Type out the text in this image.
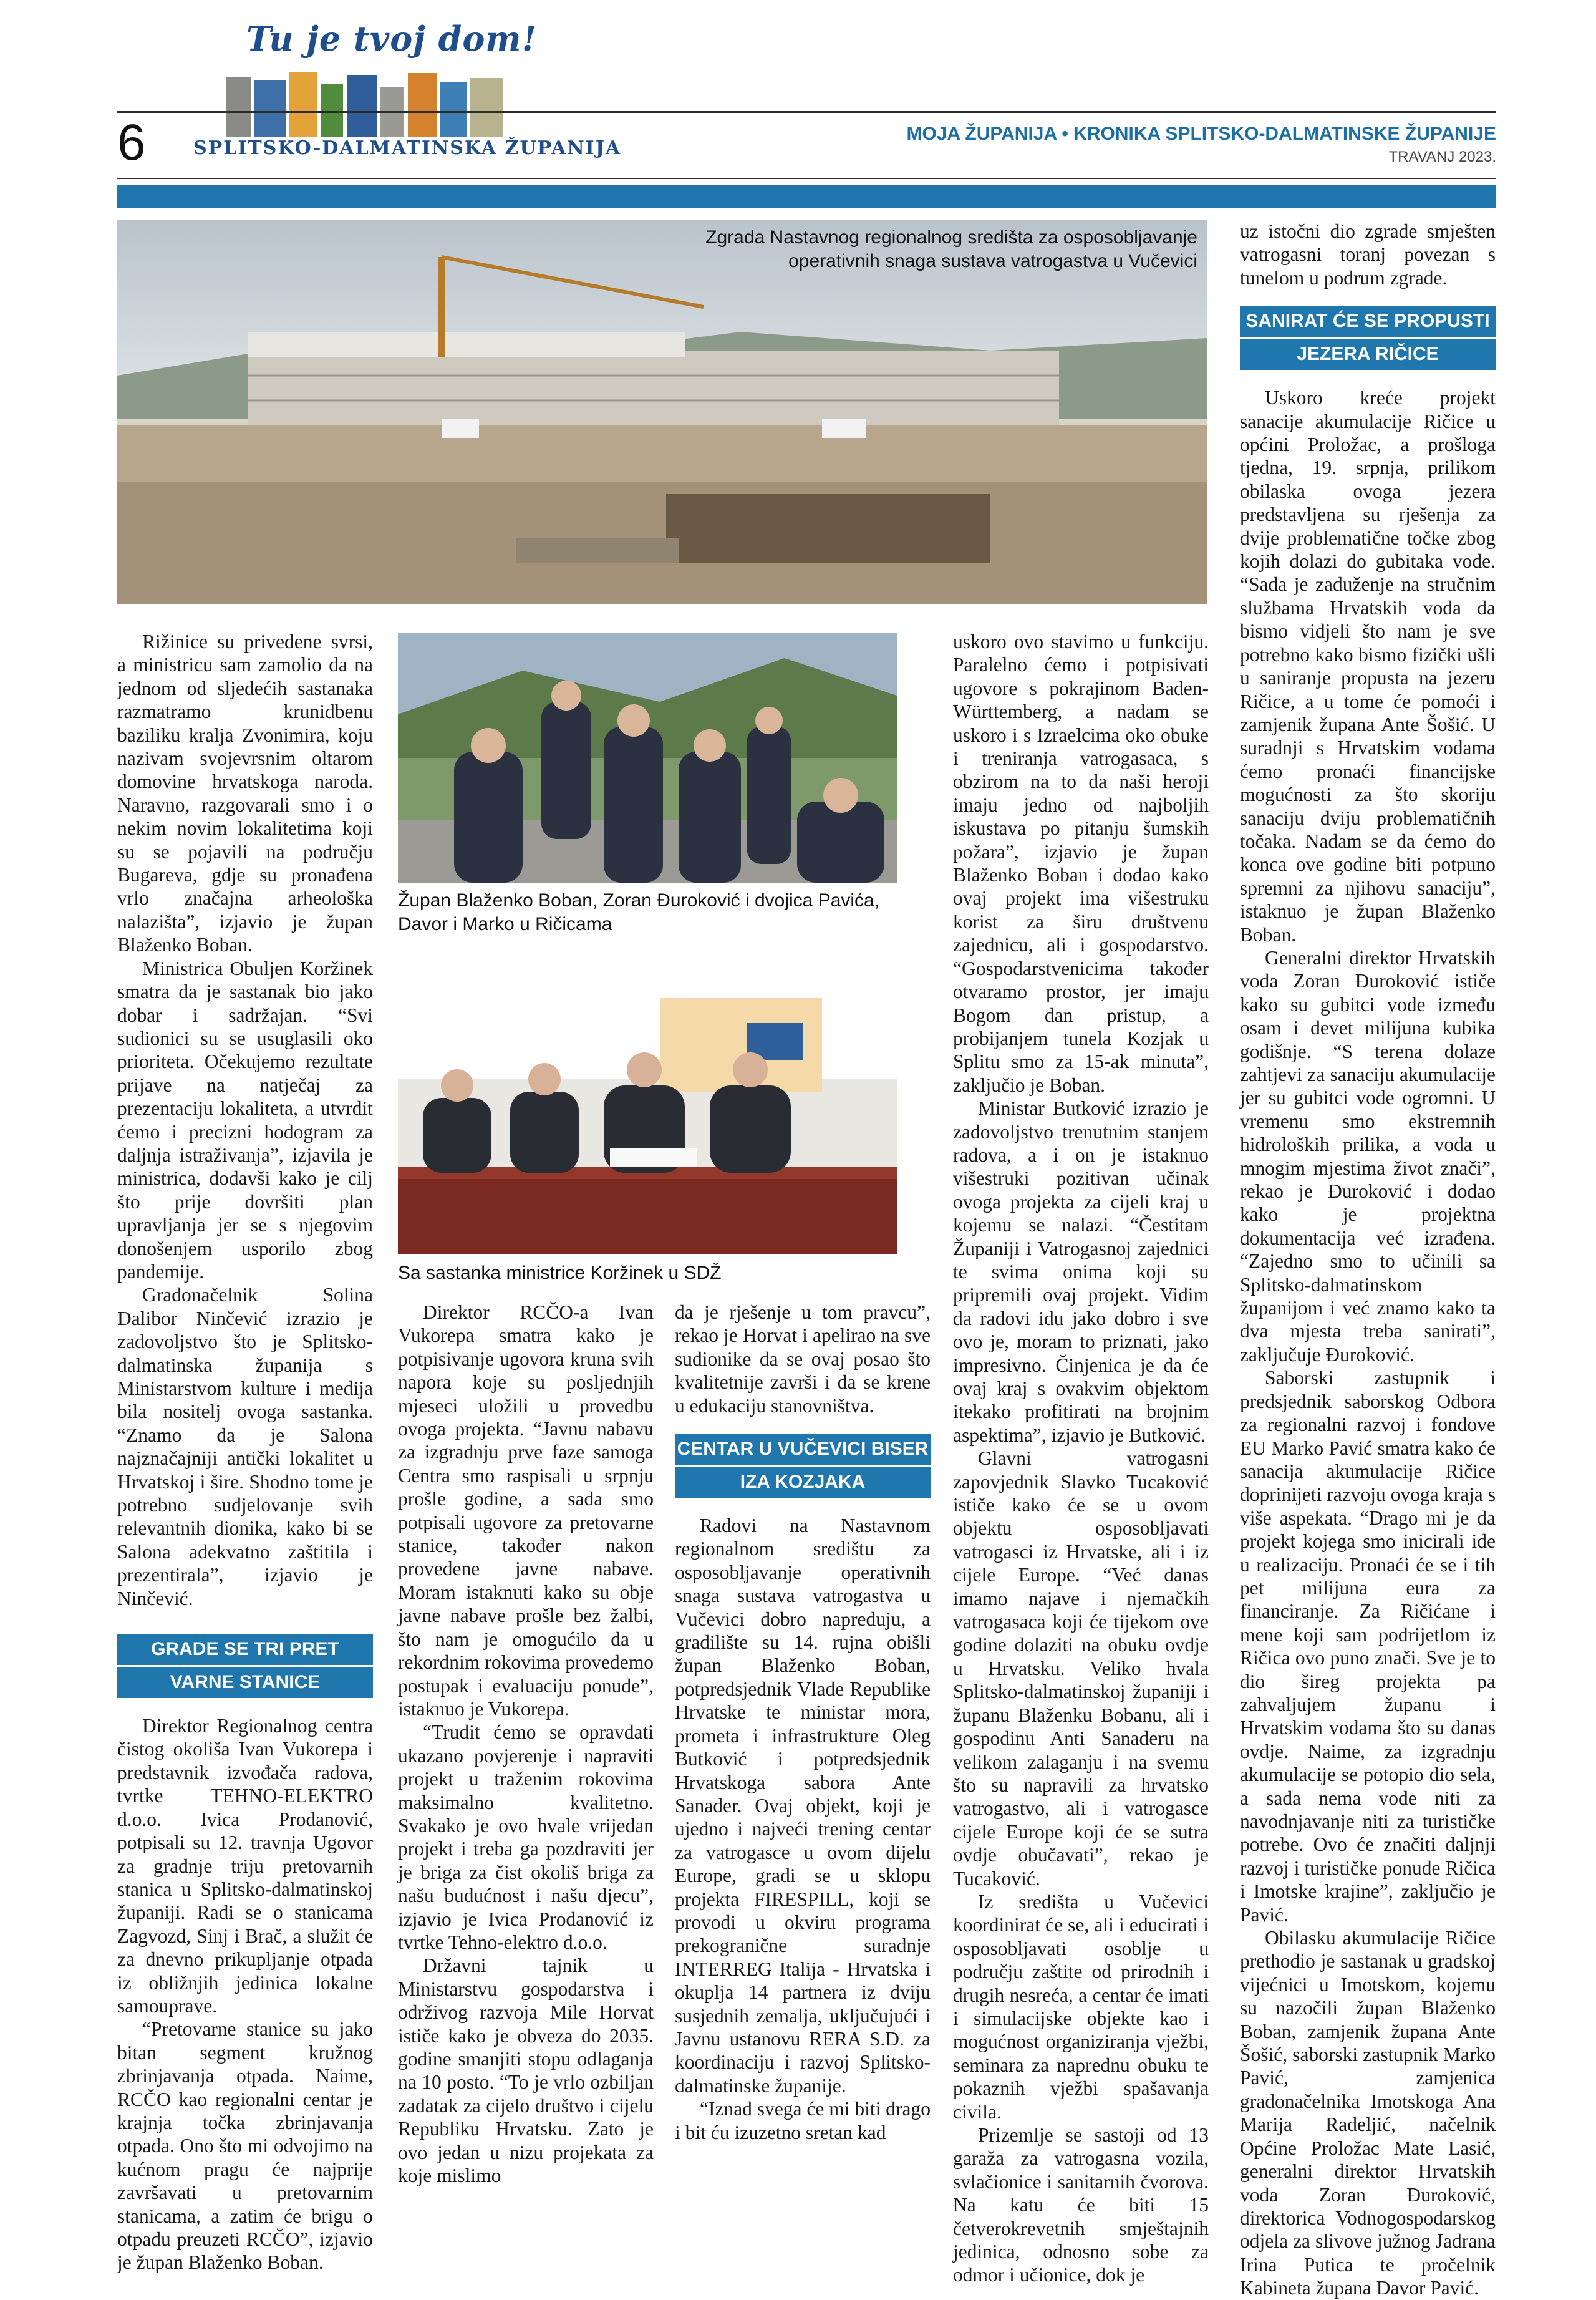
Tu je tvoj dom!
SPLITSKO-DALMATINSKA ŽUPANIJA
6	MOJA ŽUPANIJA • KRONIKA SPLITSKO-DALMATINSKE ŽUPANIJE
TRAVANJ 2023.
Zgrada Nastavnog regionalnog središta za osposobljavanje operativnih snaga sustava vatrogastva u Vučevici

Rižinice su privedene svrsi, a ministricu sam zamolio da na jednom od sljedećih sastanaka razmatramo krunidbenu baziliku kralja Zvonimira, koju nazivam svojevrsnim oltarom domovine hrvatskoga naroda. Naravno, razgovarali smo i o nekim novim lokalitetima koji su se pojavili na području Bugareva, gdje su pronađena vrlo značajna arheološka nalazišta”, izjavio je župan Blaženko Boban.

Ministrica Obuljen Koržinek smatra da je sastanak bio jako dobar i sadržajan. “Svi sudionici su se usuglasili oko prioriteta. Očekujemo rezultate prijave na natječaj za prezentaciju lokaliteta, a utvrdit ćemo i precizni hodogram za daljnja istraživanja”, izjavila je ministrica, dodavši kako je cilj što prije dovršiti plan upravljanja jer se s njegovim donošenjem usporilo zbog pandemije.

Gradonačelnik Solina Dalibor Ninčević izrazio je zadovoljstvo što je Splitsko-dalmatinska županija s Ministarstvom kulture i medija bila nositelj ovoga sastanka. “Znamo da je Salona najznačajniji antički lokalitet u Hrvatskoj i šire. Shodno tome je potrebno sudjelovanje svih relevantnih dionika, kako bi se Salona adekvatno zaštitila i prezentirala”, izjavio je Ninčević.

GRADE SE TRI PRET
VARNE STANICE

Direktor Regionalnog centra čistog okoliša Ivan Vukorepa i predstavnik izvođača radova, tvrtke TEHNO-ELEKTRO d.o.o. Ivica Prodanović, potpisali su 12. travnja Ugovor za gradnje triju pretovarnih stanica u Splitsko-dalmatinskoj županiji. Radi se o stanicama Zagvozd, Sinj i Brač, a služit će za dnevno prikupljanje otpada iz obližnjih jedinica lokalne samouprave.

“Pretovarne stanice su jako bitan segment kružnog zbrinjavanja otpada. Naime, RCČO kao regionalni centar je krajnja točka zbrinjavanja otpada. Ono što mi odvojimo na kućnom pragu će najprije završavati u pretovarnim stanicama, a zatim će brigu o otpadu preuzeti RCČO”, izjavio je župan Blaženko Boban.

Župan Blaženko Boban, Zoran Đuroković i dvojica Pavića, Davor i Marko u Ričicama
Sa sastanka ministrice Koržinek u SDŽ

Direktor RCČO-a Ivan Vukorepa smatra kako je potpisivanje ugovora kruna svih napora koje su posljednjih mjeseci uložili u provedbu ovoga projekta. “Javnu nabavu za izgradnju prve faze samoga Centra smo raspisali u srpnju prošle godine, a sada smo potpisali ugovore za pretovarne stanice, također nakon provedene javne nabave. Moram istaknuti kako su obje javne nabave prošle bez žalbi, što nam je omogućilo da u rekordnim rokovima provedemo postupak i evaluaciju ponude”, istaknuo je Vukorepa.

“Trudit ćemo se opravdati ukazano povjerenje i napraviti projekt u traženim rokovima maksimalno kvalitetno. Svakako je ovo hvale vrijedan projekt i treba ga pozdraviti jer je briga za čist okoliš briga za našu budućnost i našu djecu”, izjavio je Ivica Prodanović iz tvrtke Tehno-elektro d.o.o.

Državni tajnik u Ministarstvu gospodarstva i održivog razvoja Mile Horvat ističe kako je obveza do 2035. godine smanjiti stopu odlaganja na 10 posto. “To je vrlo ozbiljan zadatak za cijelo društvo i cijelu Republiku Hrvatsku. Zato je ovo jedan u nizu projekata za koje mislimo

da je rješenje u tom pravcu”, rekao je Horvat i apelirao na sve sudionike da se ovaj posao što kvalitetnije završi i da se krene u edukaciju stanovništva.

CENTAR U VUČEVICI BISER
IZA KOZJAKA

Radovi na Nastavnom regionalnom središtu za osposobljavanje operativnih snaga sustava vatrogastva u Vučevici dobro napreduju, a gradilište su 14. rujna obišli župan Blaženko Boban, potpredsjednik Vlade Republike Hrvatske te ministar mora, prometa i infrastrukture Oleg Butković i potpredsjednik Hrvatskoga sabora Ante Sanader. Ovaj objekt, koji je ujedno i najveći trening centar za vatrogasce u ovom dijelu Europe, gradi se u sklopu projekta FIRESPILL, koji se provodi u okviru programa prekogranične suradnje INTERREG Italija - Hrvatska i okuplja 14 partnera iz dviju susjednih zemalja, uključujući i Javnu ustanovu RERA S.D. za koordinaciju i razvoj Splitsko-dalmatinske županije.

“Iznad svega će mi biti drago i bit ću izuzetno sretan kad

uskoro ovo stavimo u funkciju. Paralelno ćemo i potpisivati ugovore s pokrajinom Baden-Württemberg, a nadam se uskoro i s Izraelcima oko obuke i treniranja vatrogasaca, s obzirom na to da naši heroji imaju jedno od najboljih iskustava po pitanju šumskih požara”, izjavio je župan Blaženko Boban i dodao kako ovaj projekt ima višestruku korist za širu društvenu zajednicu, ali i gospodarstvo. “Gospodarstvenicima također otvaramo prostor, jer imaju Bogom dan pristup, a probijanjem tunela Kozjak u Splitu smo za 15-ak minuta”, zaključio je Boban.

Ministar Butković izrazio je zadovoljstvo trenutnim stanjem radova, a i on je istaknuo višestruki pozitivan učinak ovoga projekta za cijeli kraj u kojemu se nalazi. “Čestitam Županiji i Vatrogasnoj zajednici te svima onima koji su pripremili ovaj projekt. Vidim da radovi idu jako dobro i sve ovo je, moram to priznati, jako impresivno. Činjenica je da će ovaj kraj s ovakvim objektom itekako profitirati na brojnim aspektima”, izjavio je Butković.

Glavni vatrogasni zapovjednik Slavko Tucaković ističe kako će se u ovom objektu osposobljavati vatrogasci iz Hrvatske, ali i iz cijele Europe. “Već danas imamo najave i njemačkih vatrogasaca koji će tijekom ove godine dolaziti na obuku ovdje u Hrvatsku. Veliko hvala Splitsko-dalmatinskoj županiji i županu Blaženku Bobanu, ali i gospodinu Anti Sanaderu na velikom zalaganju i na svemu što su napravili za hrvatsko vatrogastvo, ali i vatrogasce cijele Europe koji će se sutra ovdje obučavati”, rekao je Tucaković.

Iz središta u Vučevici koordinirat će se, ali i educirati i osposobljavati osoblje u području zaštite od prirodnih i drugih nesreća, a centar će imati i simulacijske objekte kao i mogućnost organiziranja vježbi, seminara za naprednu obuku te pokaznih vježbi spašavanja civila.

Prizemlje se sastoji od 13 garaža za vatrogasna vozila, svlačionice i sanitarnih čvorova. Na katu će biti 15 četverokrevetnih smještajnih jedinica, odnosno sobe za odmor i učionice, dok je

uz istočni dio zgrade smješten vatrogasni toranj povezan s tunelom u podrum zgrade.

SANIRAT ĆE SE PROPUSTI
JEZERA RIČICE

Uskoro kreće projekt sanacije akumulacije Ričice u općini Proložac, a prošloga tjedna, 19. srpnja, prilikom obilaska ovoga jezera predstavljena su rješenja za dvije problematične točke zbog kojih dolazi do gubitaka vode. “Sada je zaduženje na stručnim službama Hrvatskih voda da bismo vidjeli što nam je sve potrebno kako bismo fizički ušli u saniranje propusta na jezeru Ričice, a u tome će pomoći i zamjenik župana Ante Šošić. U suradnji s Hrvatskim vodama ćemo pronaći financijske mogućnosti za što skoriju sanaciju dviju problematičnih točaka. Nadam se da ćemo do konca ove godine biti potpuno spremni za njihovu sanaciju”, istaknuo je župan Blaženko Boban.

Generalni direktor Hrvatskih voda Zoran Đuroković ističe kako su gubitci vode između osam i devet milijuna kubika godišnje. “S terena dolaze zahtjevi za sanaciju akumulacije jer su gubitci vode ogromni. U vremenu smo ekstremnih hidroloških prilika, a voda u mnogim mjestima život znači”, rekao je Đuroković i dodao kako je projektna dokumentacija već izrađena. “Zajedno smo to učinili sa Splitsko-dalmatinskom županijom i već znamo kako ta dva mjesta treba sanirati”, zaključuje Đuroković.

Saborski zastupnik i predsjednik saborskog Odbora za regionalni razvoj i fondove EU Marko Pavić smatra kako će sanacija akumulacije Ričice doprinijeti razvoju ovoga kraja s više aspekata. “Drago mi je da projekt kojega smo inicirali ide u realizaciju. Pronaći će se i tih pet milijuna eura za financiranje. Za Ričićane i mene koji sam podrijetlom iz Ričica ovo puno znači. Sve je to dio šireg projekta pa zahvaljujem županu i Hrvatskim vodama što su danas ovdje. Naime, za izgradnju akumulacije se potopio dio sela, a sada nema vode niti za navodnjavanje niti za turističke potrebe. Ovo će značiti daljnji razvoj i turističke ponude Ričica i Imotske krajine”, zaključio je Pavić.

Obilasku akumulacije Ričice prethodio je sastanak u gradskoj vijećnici u Imotskom, kojemu su nazočili župan Blaženko Boban, zamjenik župana Ante Šošić, saborski zastupnik Marko Pavić, zamjenica gradonačelnika Imotskoga Ana Marija Radeljić, načelnik Općine Proložac Mate Lasić, generalni direktor Hrvatskih voda Zoran Đuroković, direktorica Vodnogospodarskog odjela za slivove južnog Jadrana Irina Putica te pročelnik Kabineta župana Davor Pavić.
